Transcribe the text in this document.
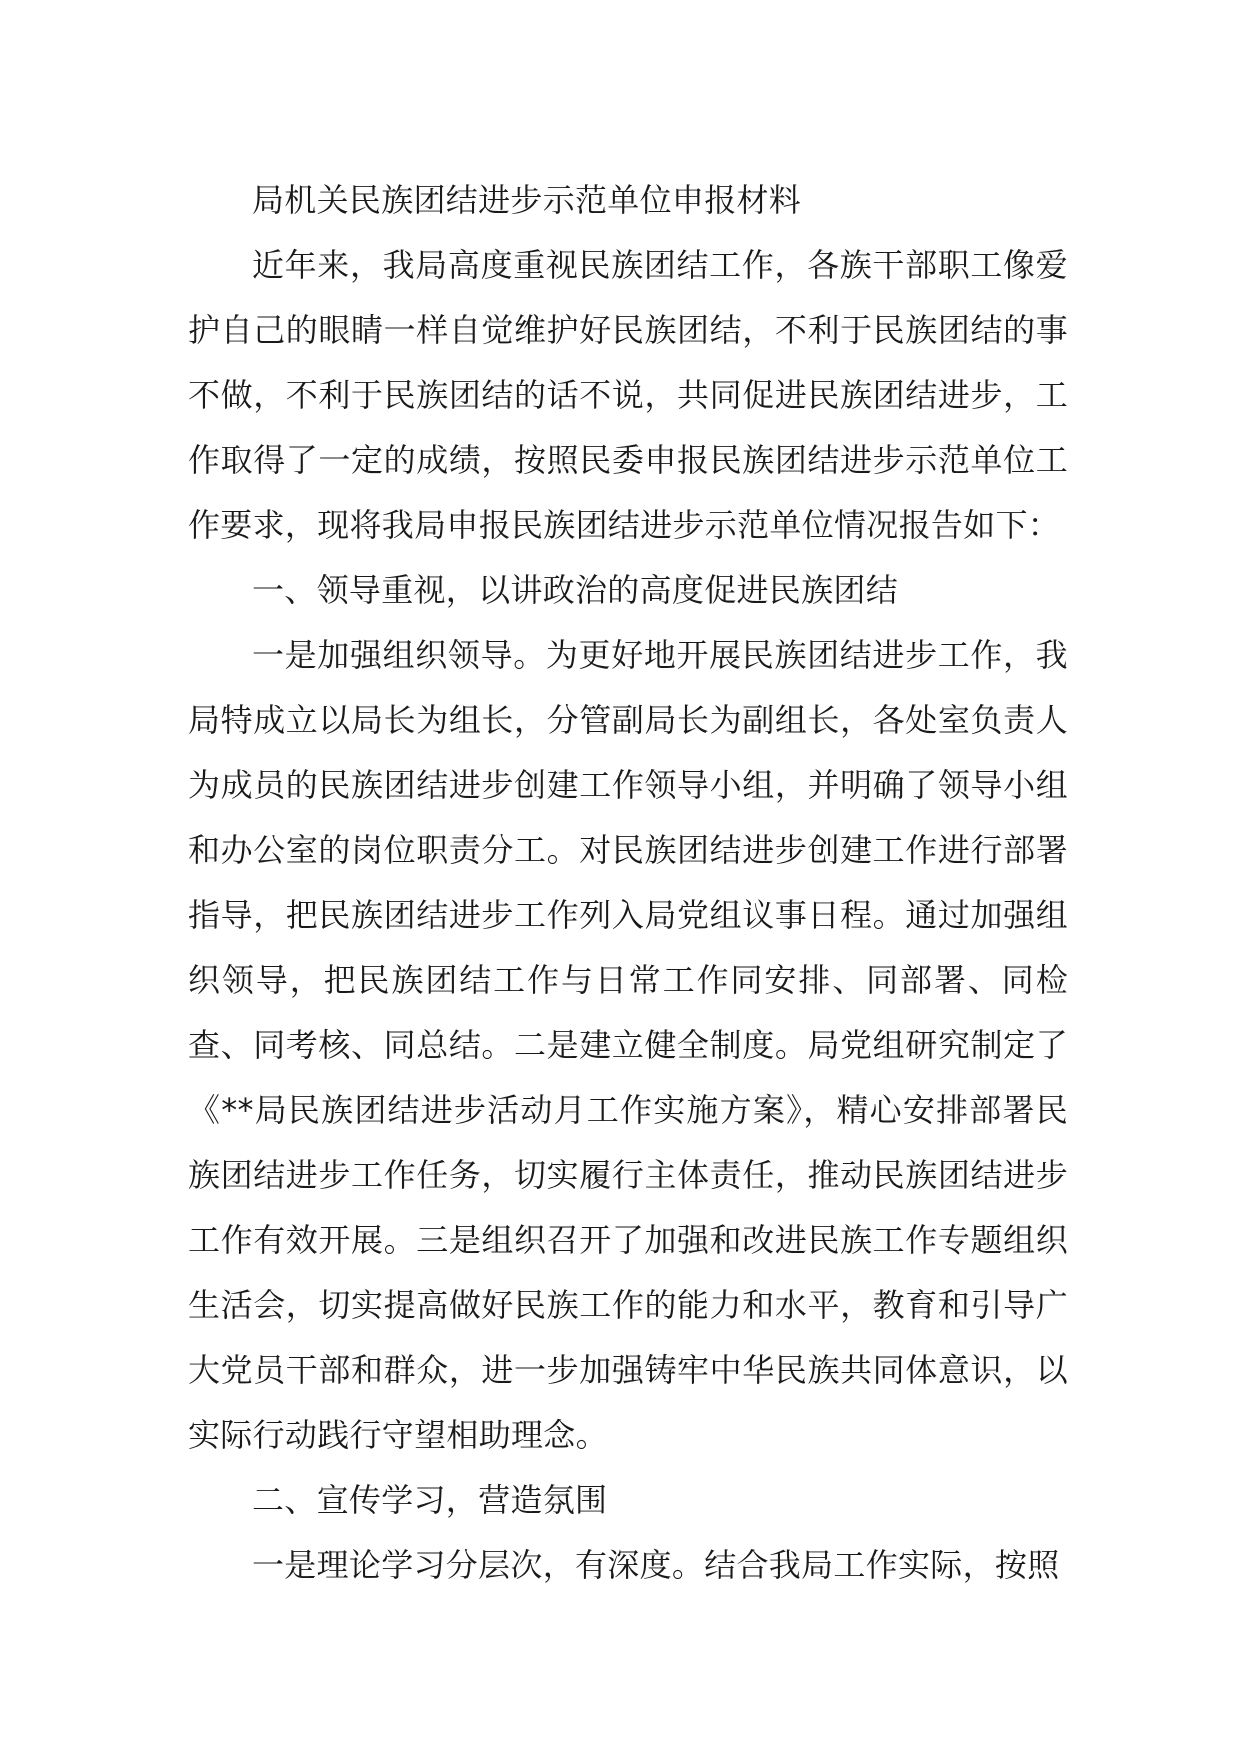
局机关民族团结进步示范单位申报材料

近年来，我局高度重视民族团结工作，各族干部职工像爱护自己的眼睛一样自觉维护好民族团结，不利于民族团结的事不做，不利于民族团结的话不说，共同促进民族团结进步，工作取得了一定的成绩，按照民委申报民族团结进步示范单位工作要求，现将我局申报民族团结进步示范单位情况报告如下：

一、领导重视，以讲政治的高度促进民族团结

一是加强组织领导。为更好地开展民族团结进步工作，我局特成立以局长为组长，分管副局长为副组长，各处室负责人为成员的民族团结进步创建工作领导小组，并明确了领导小组和办公室的岗位职责分工。对民族团结进步创建工作进行部署指导，把民族团结进步工作列入局党组议事日程。通过加强组织领导，把民族团结工作与日常工作同安排、同部署、同检查、同考核、同总结。二是建立健全制度。局党组研究制定了《**局民族团结进步活动月工作实施方案》，精心安排部署民族团结进步工作任务，切实履行主体责任，推动民族团结进步工作有效开展。三是组织召开了加强和改进民族工作专题组织生活会，切实提高做好民族工作的能力和水平，教育和引导广大党员干部和群众，进一步加强铸牢中华民族共同体意识，以实际行动践行守望相助理念。

二、宣传学习，营造氛围

一是理论学习分层次，有深度。结合我局工作实际，按照
